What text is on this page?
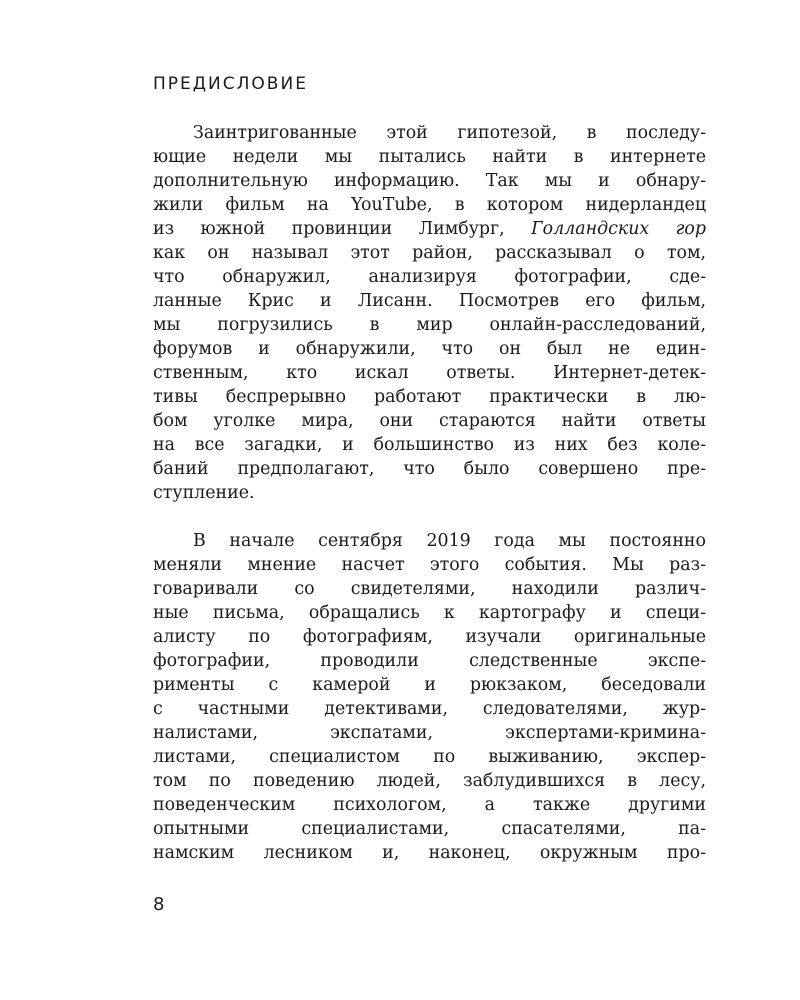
ПРЕДИСЛОВИЕ
Заинтригованные этой гипотезой, в последу-
ющие недели мы пытались найти в интернете
дополнительную информацию. Так мы и обнару-
жили фильм на YouTube, в котором нидерландец
из южной провинции Лимбург, Голландских гор
как он называл этот район, рассказывал о том,
что обнаружил, анализируя фотографии, сде-
ланные Крис и Лисанн. Посмотрев его фильм,
мы погрузились в мир онлайн-расследований,
форумов и обнаружили, что он был не един-
ственным, кто искал ответы. Интернет-детек-
тивы беспрерывно работают практически в лю-
бом уголке мира, они стараются найти ответы
на все загадки, и большинство из них без коле-
баний предполагают, что было совершено пре-
ступление.
В начале сентября 2019 года мы постоянно
меняли мнение насчет этого события. Мы раз-
говаривали со свидетелями, находили различ-
ные письма, обращались к картографу и специ-
алисту по фотографиям, изучали оригинальные
фотографии, проводили следственные экспе-
рименты с камерой и рюкзаком, беседовали
с частными детективами, следователями, жур-
налистами, экспатами, экспертами-кримина-
листами, специалистом по выживанию, экспер-
том по поведению людей, заблудившихся в лесу,
поведенческим психологом, а также другими
опытными специалистами, спасателями, па-
намским лесником и, наконец, окружным про-
8
